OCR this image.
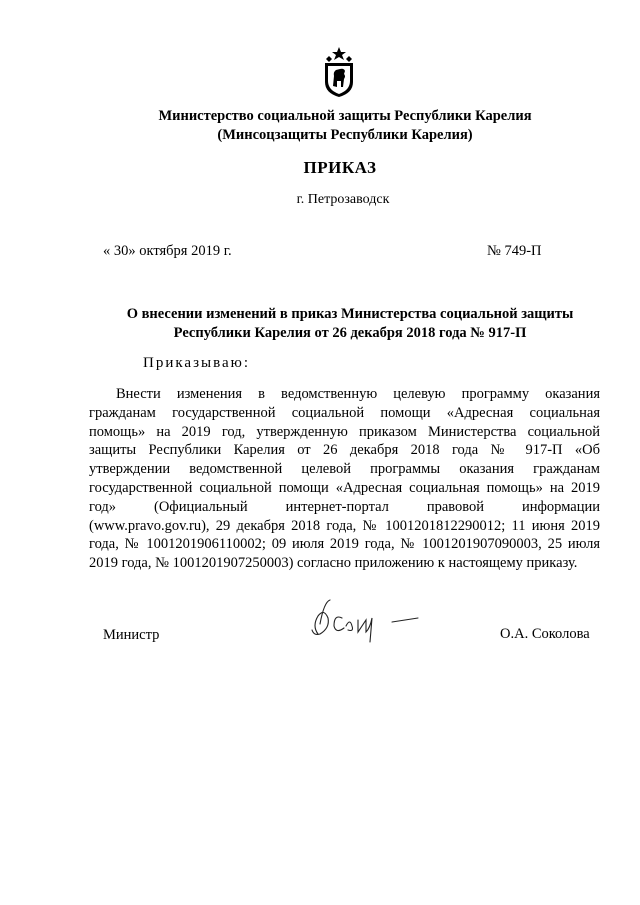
Министерство социальной защиты Республики Карелия
(Минсоцзащиты Республики Карелия)
ПРИКАЗ
г. Петрозаводск
« 30» октября 2019 г.	№ 749-П
О внесении изменений в приказ Министерства социальной защиты
Республики Карелия от 26 декабря 2018 года № 917-П
Приказываю:
Внести изменения в ведомственную целевую программу оказания
гражданам государственной социальной помощи «Адресная социальная
помощь» на 2019 год, утвержденную приказом Министерства социальной
защиты Республики Карелия от 26 декабря 2018 года № 917-П «Об
утверждении ведомственной целевой программы оказания гражданам
государственной социальной помощи «Адресная социальная помощь» на 2019
год» (Официальный интернет-портал правовой информации
(www.pravo.gov.ru), 29 декабря 2018 года, № 1001201812290012; 11 июня 2019
года, № 1001201906110002; 09 июля 2019 года, № 1001201907090003, 25 июля
2019 года, № 1001201907250003) согласно приложению к настоящему приказу.
Министр	О.А. Соколова
